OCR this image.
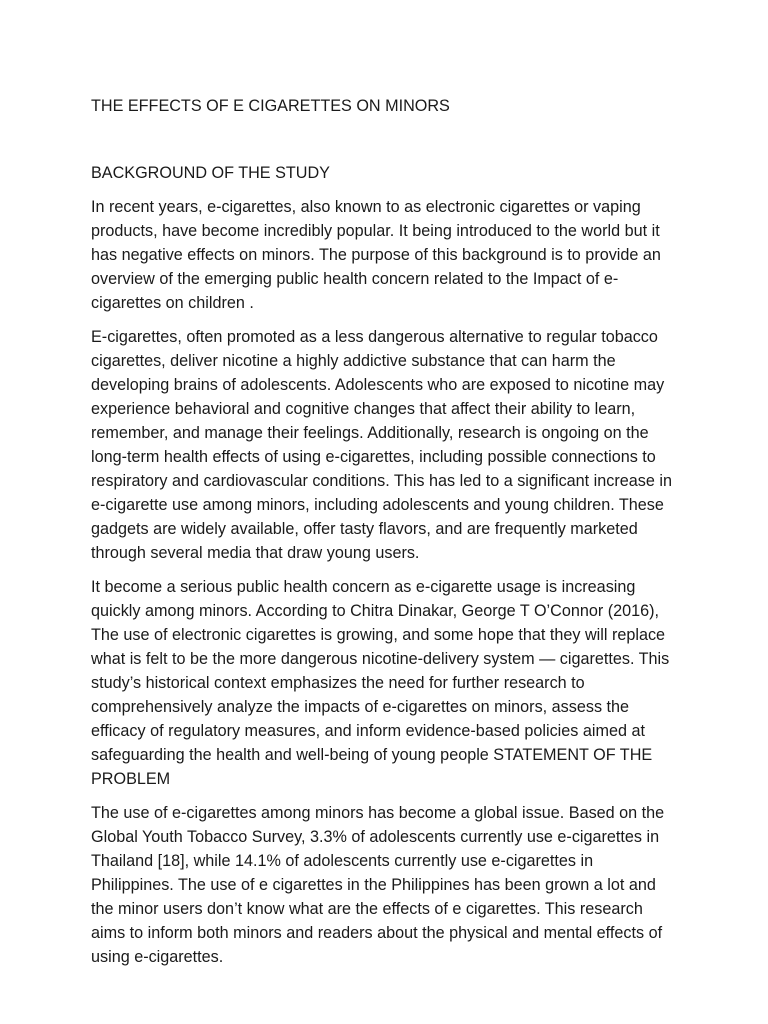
THE EFFECTS OF E CIGARETTES ON MINORS
BACKGROUND OF THE STUDY

In recent years, e-cigarettes, also known to as electronic cigarettes or vaping products, have become incredibly popular. It being introduced to the world but it has negative effects on minors. The purpose of this background is to provide an overview of the emerging public health concern related to the Impact of e-cigarettes on children .

E-cigarettes, often promoted as a less dangerous alternative to regular tobacco cigarettes, deliver nicotine a highly addictive substance that can harm the developing brains of adolescents. Adolescents who are exposed to nicotine may experience behavioral and cognitive changes that affect their ability to learn, remember, and manage their feelings. Additionally, research is ongoing on the long-term health effects of using e-cigarettes, including possible connections to respiratory and cardiovascular conditions. This has led to a significant increase in e-cigarette use among minors, including adolescents and young children. These gadgets are widely available, offer tasty flavors, and are frequently marketed through several media that draw young users.

It become a serious public health concern as e-cigarette usage is increasing quickly among minors. According to Chitra Dinakar, George T O’Connor (2016), The use of electronic cigarettes is growing, and some hope that they will replace what is felt to be the more dangerous nicotine-delivery system — cigarettes. This study’s historical context emphasizes the need for further research to comprehensively analyze the impacts of e-cigarettes on minors, assess the efficacy of regulatory measures, and inform evidence-based policies aimed at safeguarding the health and well-being of young people STATEMENT OF THE PROBLEM

The use of e-cigarettes among minors has become a global issue. Based on the Global Youth Tobacco Survey, 3.3% of adolescents currently use e-cigarettes in Thailand [18], while 14.1% of adolescents currently use e-cigarettes in Philippines. The use of e cigarettes in the Philippines has been grown a lot and the minor users don’t know what are the effects of e cigarettes. This research aims to inform both minors and readers about the physical and mental effects of using e-cigarettes.
